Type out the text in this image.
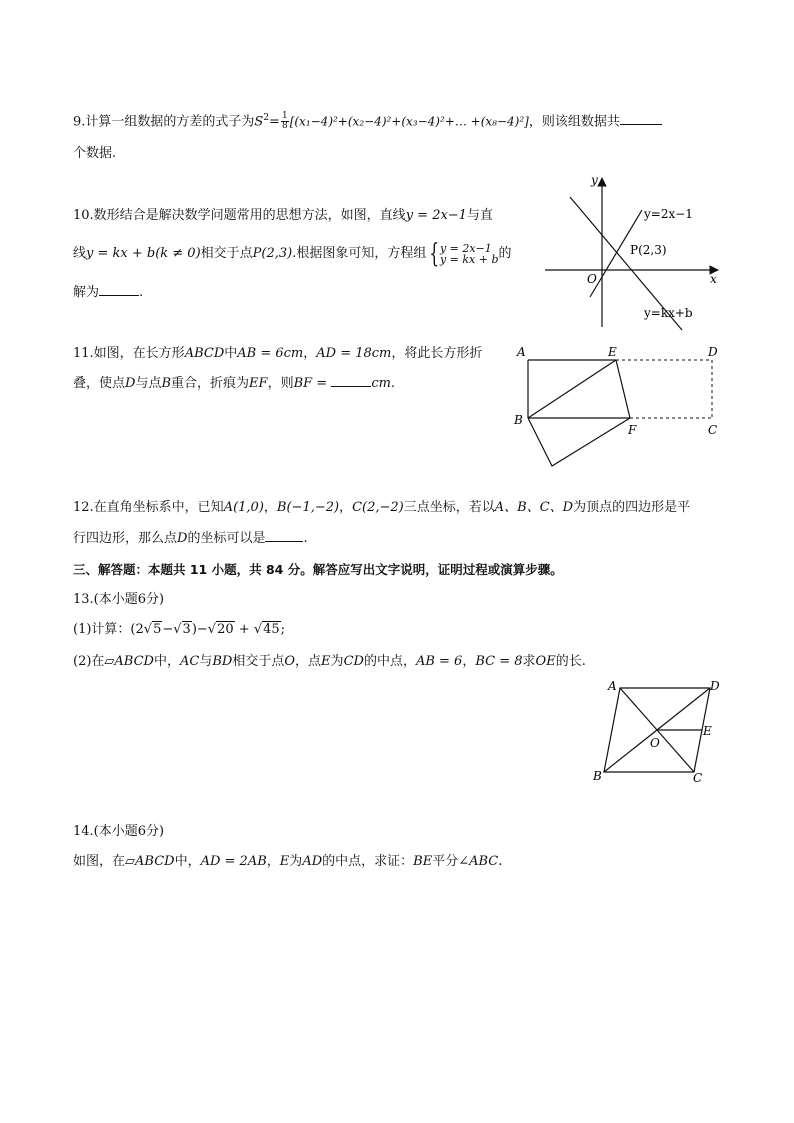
9.计算一组数据的方差的式子为$S^2= \frac{1}{8}$ [(x₁−4)²+(x₂−4)²+(x₃−4)²+… +(x₈−4)²]，则该组数据共
个数据.
10.数形结合是解决数学问题常用的思想方法，如图，直线y = 2x−1与直
线y = kx + b(k ≠ 0)相交于点P(2,3).根据图象可知，方程组 { y = 2x−1
y = kx + b 的
解为	.
y
x
O
y=2x−1
y=kx+b
P(2,3)
11.如图，在长方形ABCD中AB = 6cm，AD = 18cm，将此长方形折
叠，使点D与点B重合，折痕为EF，则BF =	cm.
A	E	D
B
F	C
12.在直角坐标系中，已知A(1,0)，B(−1,−2)，C(2,−2)三点坐标，若以A、B、C、D为顶点的四边形是平
行四边形，那么点D的坐标可以是	.
三、解答题：本题共 11 小题，共 84 分。解答应写出文字说明，证明过程或演算步骤。
13.(本小题6分)
(1)计算：(2√5−√3)−√20 + √45;
(2)在▱ABCD中，AC与BD相交于点O，点E为CD的中点，AB = 6，BC = 8求OE的长.
A	D
E
O
B	C
14.(本小题6分)
如图，在▱ABCD中，AD = 2AB，E为AD的中点，求证：BE平分∠ABC.
